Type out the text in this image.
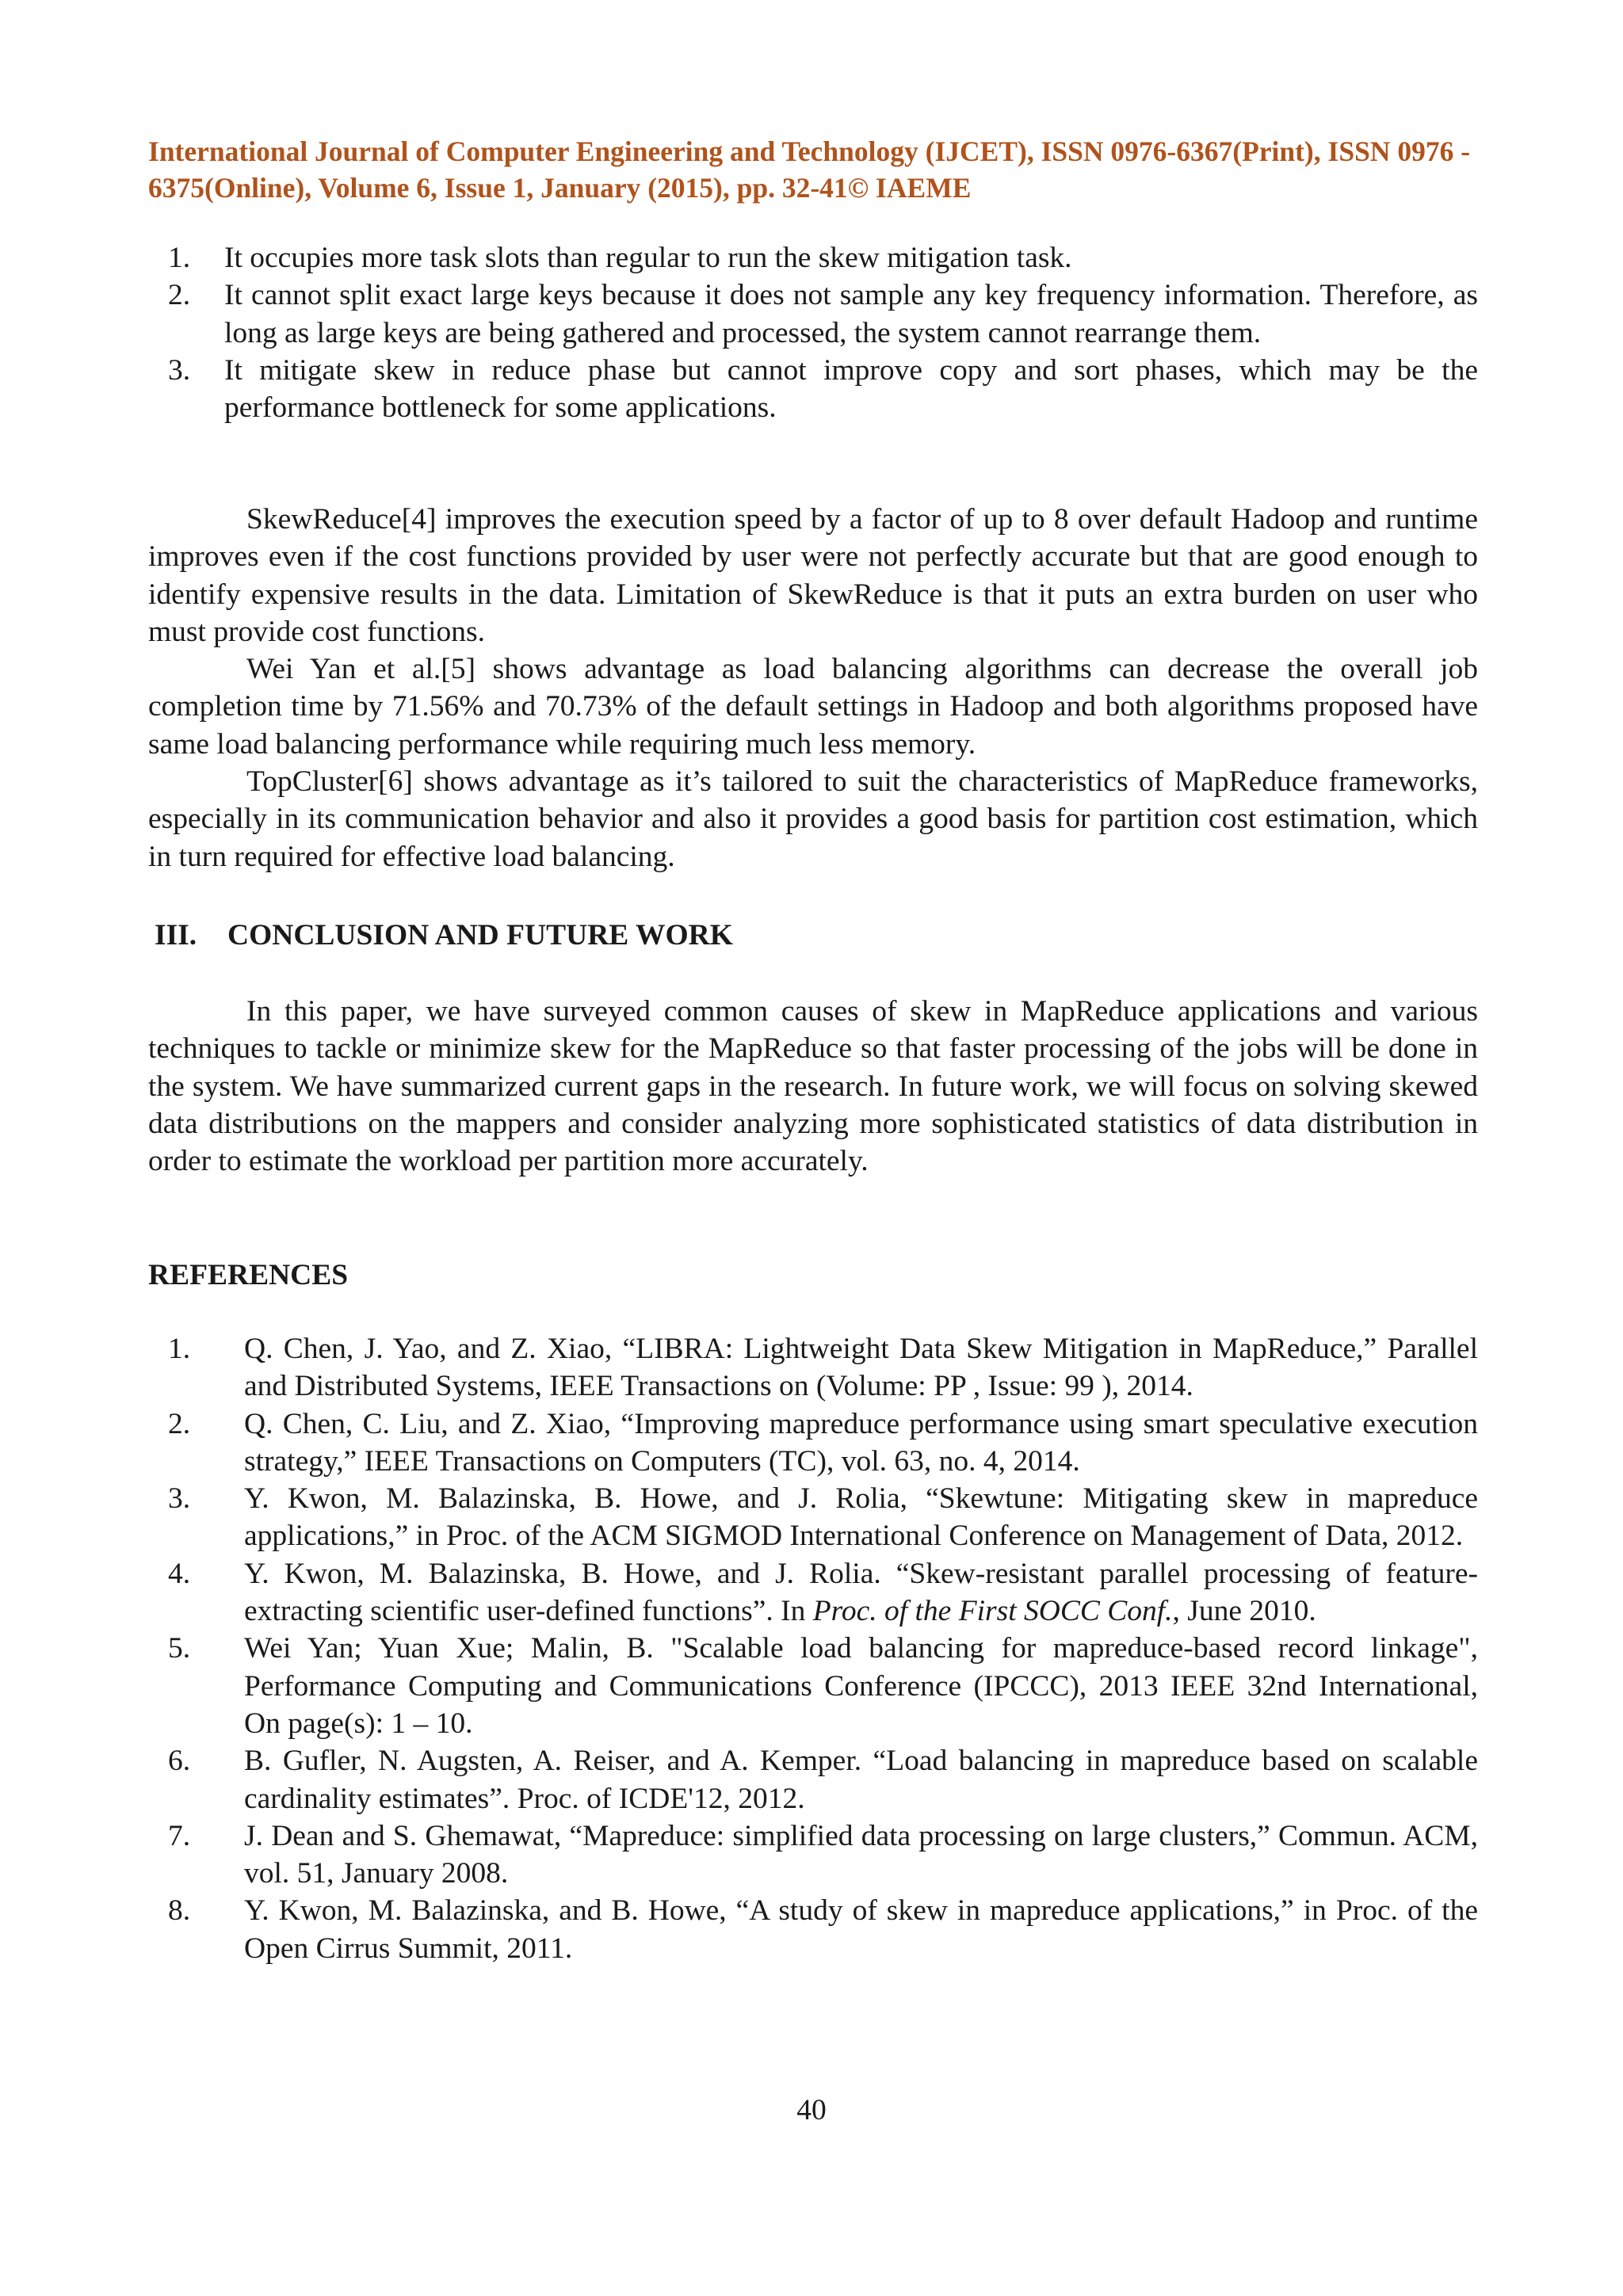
International Journal of Computer Engineering and Technology (IJCET), ISSN 0976-6367(Print), ISSN 0976 - 6375(Online), Volume 6, Issue 1, January (2015), pp. 32-41© IAEME

1.	It occupies more task slots than regular to run the skew mitigation task.
2.	It cannot split exact large keys because it does not sample any key frequency information. Therefore, as long as large keys are being gathered and processed, the system cannot rearrange them.
3.	It mitigate skew in reduce phase but cannot improve copy and sort phases, which may be the performance bottleneck for some applications.

SkewReduce[4] improves the execution speed by a factor of up to 8 over default Hadoop and runtime improves even if the cost functions provided by user were not perfectly accurate but that are good enough to identify expensive results in the data. Limitation of SkewReduce is that it puts an extra burden on user who must provide cost functions.

Wei Yan et al.[5] shows advantage as load balancing algorithms can decrease the overall job completion time by 71.56% and 70.73% of the default settings in Hadoop and both algorithms proposed have same load balancing performance while requiring much less memory.

TopCluster[6] shows advantage as it’s tailored to suit the characteristics of MapReduce frameworks, especially in its communication behavior and also it provides a good basis for partition cost estimation, which in turn required for effective load balancing.

III. CONCLUSION AND FUTURE WORK

In this paper, we have surveyed common causes of skew in MapReduce applications and various techniques to tackle or minimize skew for the MapReduce so that faster processing of the jobs will be done in the system. We have summarized current gaps in the research. In future work, we will focus on solving skewed data distributions on the mappers and consider analyzing more sophisticated statistics of data distribution in order to estimate the workload per partition more accurately.

REFERENCES
1.	Q. Chen, J. Yao, and Z. Xiao, “LIBRA: Lightweight Data Skew Mitigation in MapReduce,” Parallel and Distributed Systems, IEEE Transactions on (Volume: PP , Issue: 99 ), 2014.
2.	Q. Chen, C. Liu, and Z. Xiao, “Improving mapreduce performance using smart speculative execution strategy,” IEEE Transactions on Computers (TC), vol. 63, no. 4, 2014.
3.	Y. Kwon, M. Balazinska, B. Howe, and J. Rolia, “Skewtune: Mitigating skew in mapreduce applications,” in Proc. of the ACM SIGMOD International Conference on Management of Data, 2012.
4.	Y. Kwon, M. Balazinska, B. Howe, and J. Rolia. “Skew-resistant parallel processing of feature-extracting scientific user-defined functions”. In Proc. of the First SOCC Conf., June 2010.
5.	Wei Yan; Yuan Xue; Malin, B. "Scalable load balancing for mapreduce-based record linkage", Performance Computing and Communications Conference (IPCCC), 2013 IEEE 32nd International, On page(s): 1 – 10.
6.	B. Gufler, N. Augsten, A. Reiser, and A. Kemper. “Load balancing in mapreduce based on scalable cardinality estimates”. Proc. of ICDE'12, 2012.
7.	J. Dean and S. Ghemawat, “Mapreduce: simplified data processing on large clusters,” Commun. ACM, vol. 51, January 2008.
8.	Y. Kwon, M. Balazinska, and B. Howe, “A study of skew in mapreduce applications,” in Proc. of the Open Cirrus Summit, 2011.
40
